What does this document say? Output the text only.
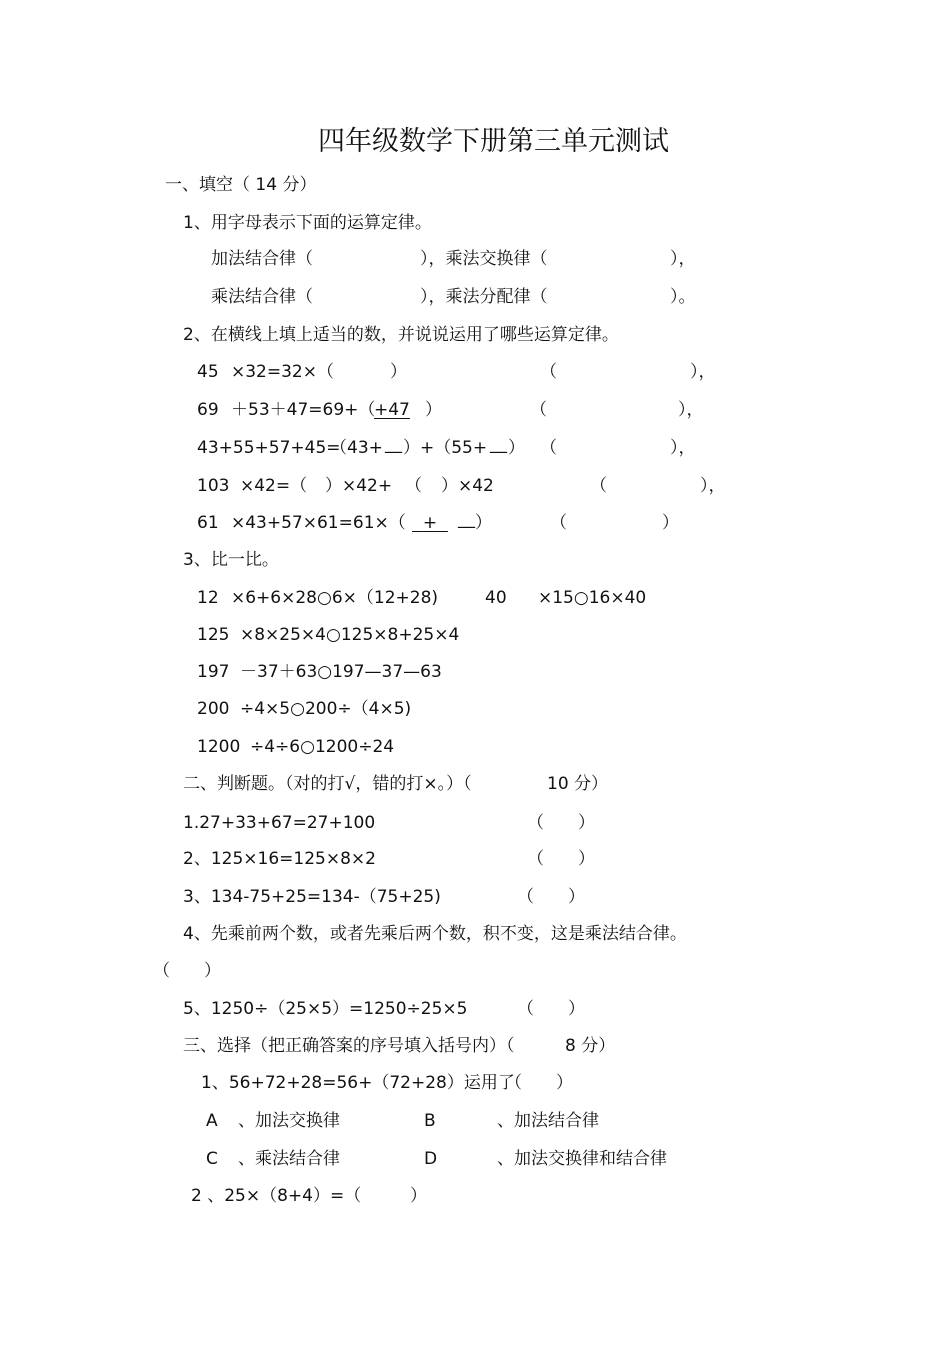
四年级数学下册第三单元测试
一、填空（ 14 分）
1、用字母表示下面的运算定律。
加法结合律（	），乘法交换律（	），
乘法结合律（	），乘法分配律（	）。
2、在横线上填上适当的数，并说说运用了哪些运算定律。
45 ×32=32×（	）	（	），
69 ＋53＋47=69+（
+47 ）	（	），
43+55+57+45=
（43+ __ ）+（55+ __ ） （	），
103 ×42=（ ）×42+ （ ）×42	（	），
61 ×43+57×61=61×（	+	__ ）	（	）
3、比一比。
12 ×6+6×28○6×（12+28)	40 ×15○16×40
125 ×8×25×4○125×8+25×4
197 －37＋63○197—37—63
200 ÷4×5○200÷（4×5)
1200 ÷4÷6○1200÷24
二、判断题。（对的打√，错的打×。）（	10 分）
1.27+33+67=27+100	（　　）
2、125×16=125×8×2	（　　）
3、134-75+25=134-（75+25)	（　　）
4、先乘前两个数，或者先乘后两个数，积不变，这是乘法结合律。
（　　）
5、1250÷（25×5）=1250÷25×5	（　　）
三、选择（把正确答案的序号填入括号内）（	8 分）
1、56+72+28=56+（72+28）运用了
（　　）
A 、加法交换律	B	、加法结合律
C 、乘法结合律	D	、加法交换律和结合律
2 、25×（8+4）=（	）
